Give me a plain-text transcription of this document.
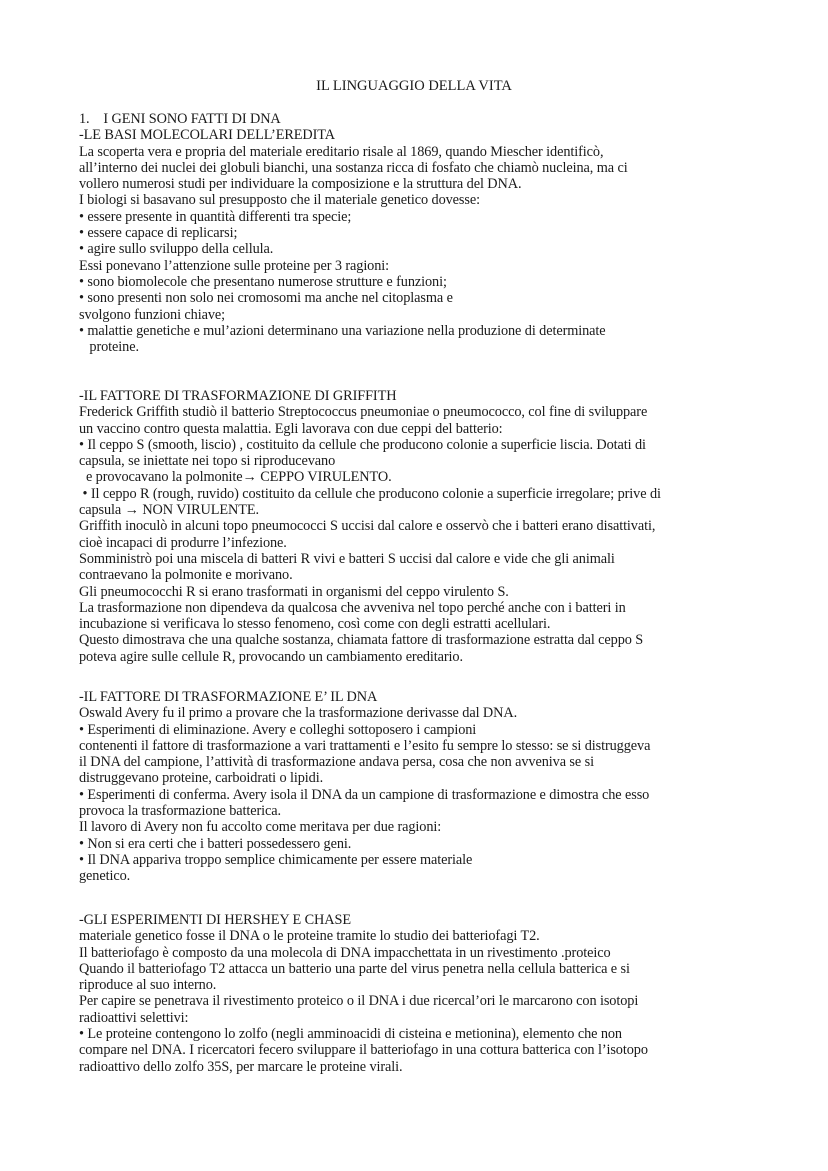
IL LINGUAGGIO DELLA VITA
1.    I GENI SONO FATTI DI DNA
-LE BASI MOLECOLARI DELL’EREDITA
La scoperta vera e propria del materiale ereditario risale al 1869, quando Miescher identificò,
all’interno dei nuclei dei globuli bianchi, una sostanza ricca di fosfato che chiamò nucleina, ma ci
vollero numerosi studi per individuare la composizione e la struttura del DNA.
I biologi si basavano sul presupposto che il materiale genetico dovesse:
• essere presente in quantità differenti tra specie;
• essere capace di replicarsi;
• agire sullo sviluppo della cellula.
Essi ponevano l’attenzione sulle proteine per 3 ragioni:
• sono biomolecole che presentano numerose strutture e funzioni;
• sono presenti non solo nei cromosomi ma anche nel citoplasma e
svolgono funzioni chiave;
• malattie genetiche e mul’azioni determinano una variazione nella produzione di determinate
proteine.
-IL FATTORE DI TRASFORMAZIONE DI GRIFFITH
Frederick Griffith studiò il batterio Streptococcus pneumoniae o pneumococco, col fine di sviluppare
un vaccino contro questa malattia. Egli lavorava con due ceppi del batterio:
• Il ceppo S (smooth, liscio) , costituito da cellule che producono colonie a superficie liscia. Dotati di
capsula, se iniettate nei topo si riproducevano
e provocavano la polmonite→ CEPPO VIRULENTO.
• Il ceppo R (rough, ruvido) costituito da cellule che producono colonie a superficie irregolare; prive di
capsula → NON VIRULENTE.
Griffith inoculò in alcuni topo pneumococci S uccisi dal calore e osservò che i batteri erano disattivati,
cioè incapaci di produrre l’infezione.
Somministrò poi una miscela di batteri R vivi e batteri S uccisi dal calore e vide che gli animali
contraevano la polmonite e morivano.
Gli pneumococchi R si erano trasformati in organismi del ceppo virulento S.
La trasformazione non dipendeva da qualcosa che avveniva nel topo perché anche con i batteri in
incubazione si verificava lo stesso fenomeno, così come con degli estratti acellulari.
Questo dimostrava che una qualche sostanza, chiamata fattore di trasformazione estratta dal ceppo S
poteva agire sulle cellule R, provocando un cambiamento ereditario.
-IL FATTORE DI TRASFORMAZIONE E’ IL DNA
Oswald Avery fu il primo a provare che la trasformazione derivasse dal DNA.
• Esperimenti di eliminazione. Avery e colleghi sottoposero i campioni
contenenti il fattore di trasformazione a vari trattamenti e l’esito fu sempre lo stesso: se si distruggeva
il DNA del campione, l’attività di trasformazione andava persa, cosa che non avveniva se si
distruggevano proteine, carboidrati o lipidi.
• Esperimenti di conferma. Avery isola il DNA da un campione di trasformazione e dimostra che esso
provoca la trasformazione batterica.
Il lavoro di Avery non fu accolto come meritava per due ragioni:
• Non si era certi che i batteri possedessero geni.
• Il DNA appariva troppo semplice chimicamente per essere materiale
genetico.
-GLI ESPERIMENTI DI HERSHEY E CHASE
materiale genetico fosse il DNA o le proteine tramite lo studio dei batteriofagi T2.
Il batteriofago è composto da una molecola di DNA impacchettata in un rivestimento .proteico
Quando il batteriofago T2 attacca un batterio una parte del virus penetra nella cellula batterica e si
riproduce al suo interno.
Per capire se penetrava il rivestimento proteico o il DNA i due ricercal’ori le marcarono con isotopi
radioattivi selettivi:
• Le proteine contengono lo zolfo (negli amminoacidi di cisteina e metionina), elemento che non
compare nel DNA. I ricercatori fecero sviluppare il batteriofago in una cottura batterica con l’isotopo
radioattivo dello zolfo 35S, per marcare le proteine virali.
